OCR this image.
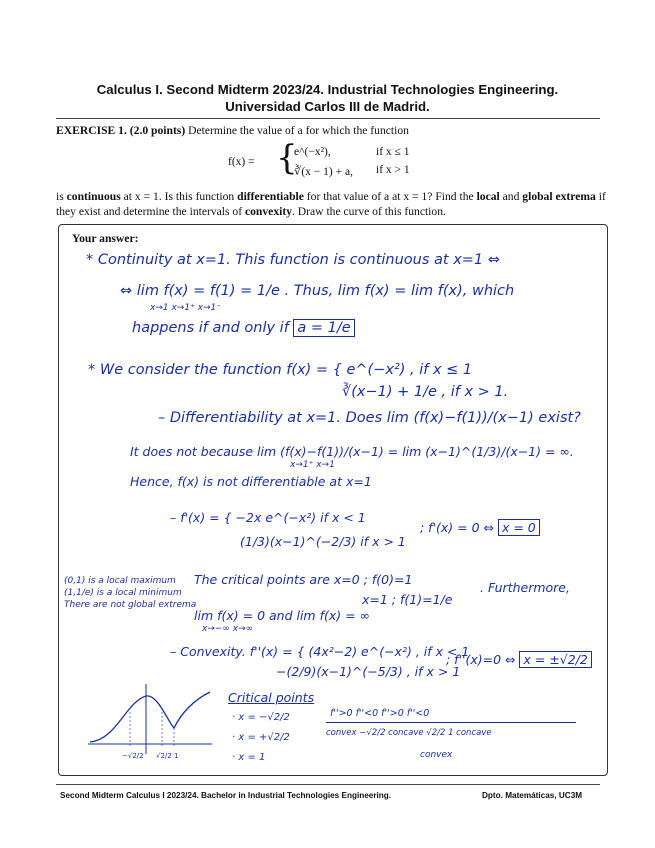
Calculus I. Second Midterm 2023/24. Industrial Technologies Engineering.
Universidad Carlos III de Madrid.
EXERCISE 1. (2.0 points) Determine the value of a for which the function
f(x) = {
e^(−x²),	if x ≤ 1
∛(x − 1) + a, if x > 1
is continuous at x = 1. Is this function differentiable for that value of a at x = 1? Find the local and global extrema if they exist and determine the intervals of convexity. Draw the curve of this function.
Your answer:
* Continuity at x=1. This function is continuous at x=1 ⇔
⇔ lim f(x) = f(1) = 1/e . Thus, lim f(x) = lim f(x), which
x→1 x→1⁺ x→1⁻
happens if and only if a = 1/e
* We consider the function f(x) = { e^(−x²) , if x ≤ 1
∛(x−1) + 1/e , if x > 1.
– Differentiability at x=1. Does lim (f(x)−f(1))/(x−1) exist?
It does not because lim (f(x)−f(1))/(x−1) = lim (x−1)^(1/3)/(x−1) = ∞.
x→1⁺ x→1
Hence, f(x) is not differentiable at x=1
– f'(x) = { −2x e^(−x²) if x < 1
; f'(x) = 0 ⇔ x = 0
(1/3)(x−1)^(−2/3) if x > 1
(0,1) is a local maximum
(1,1/e) is a local minimum
There are not global extrema
The critical points are x=0 ; f(0)=1
. Furthermore,
x=1 ; f(1)=1/e
lim f(x) = 0 and lim f(x) = ∞
x→−∞ x→∞
– Convexity. f''(x) = { (4x²−2) e^(−x²) , if x < 1
; f''(x)=0 ⇔ x = ±√2/2
−(2/9)(x−1)^(−5/3) , if x > 1
Critical points
· x = −√2/2
· x = +√2/2
· x = 1
f''>0 f''<0 f''>0 f''<0
convex −√2/2 concave √2/2 1 concave
convex
−√2/2 √2/2 1
Second Midterm Calculus I 2023/24. Bachelor in Industrial Technologies Engineering.	Dpto. Matemáticas, UC3M
